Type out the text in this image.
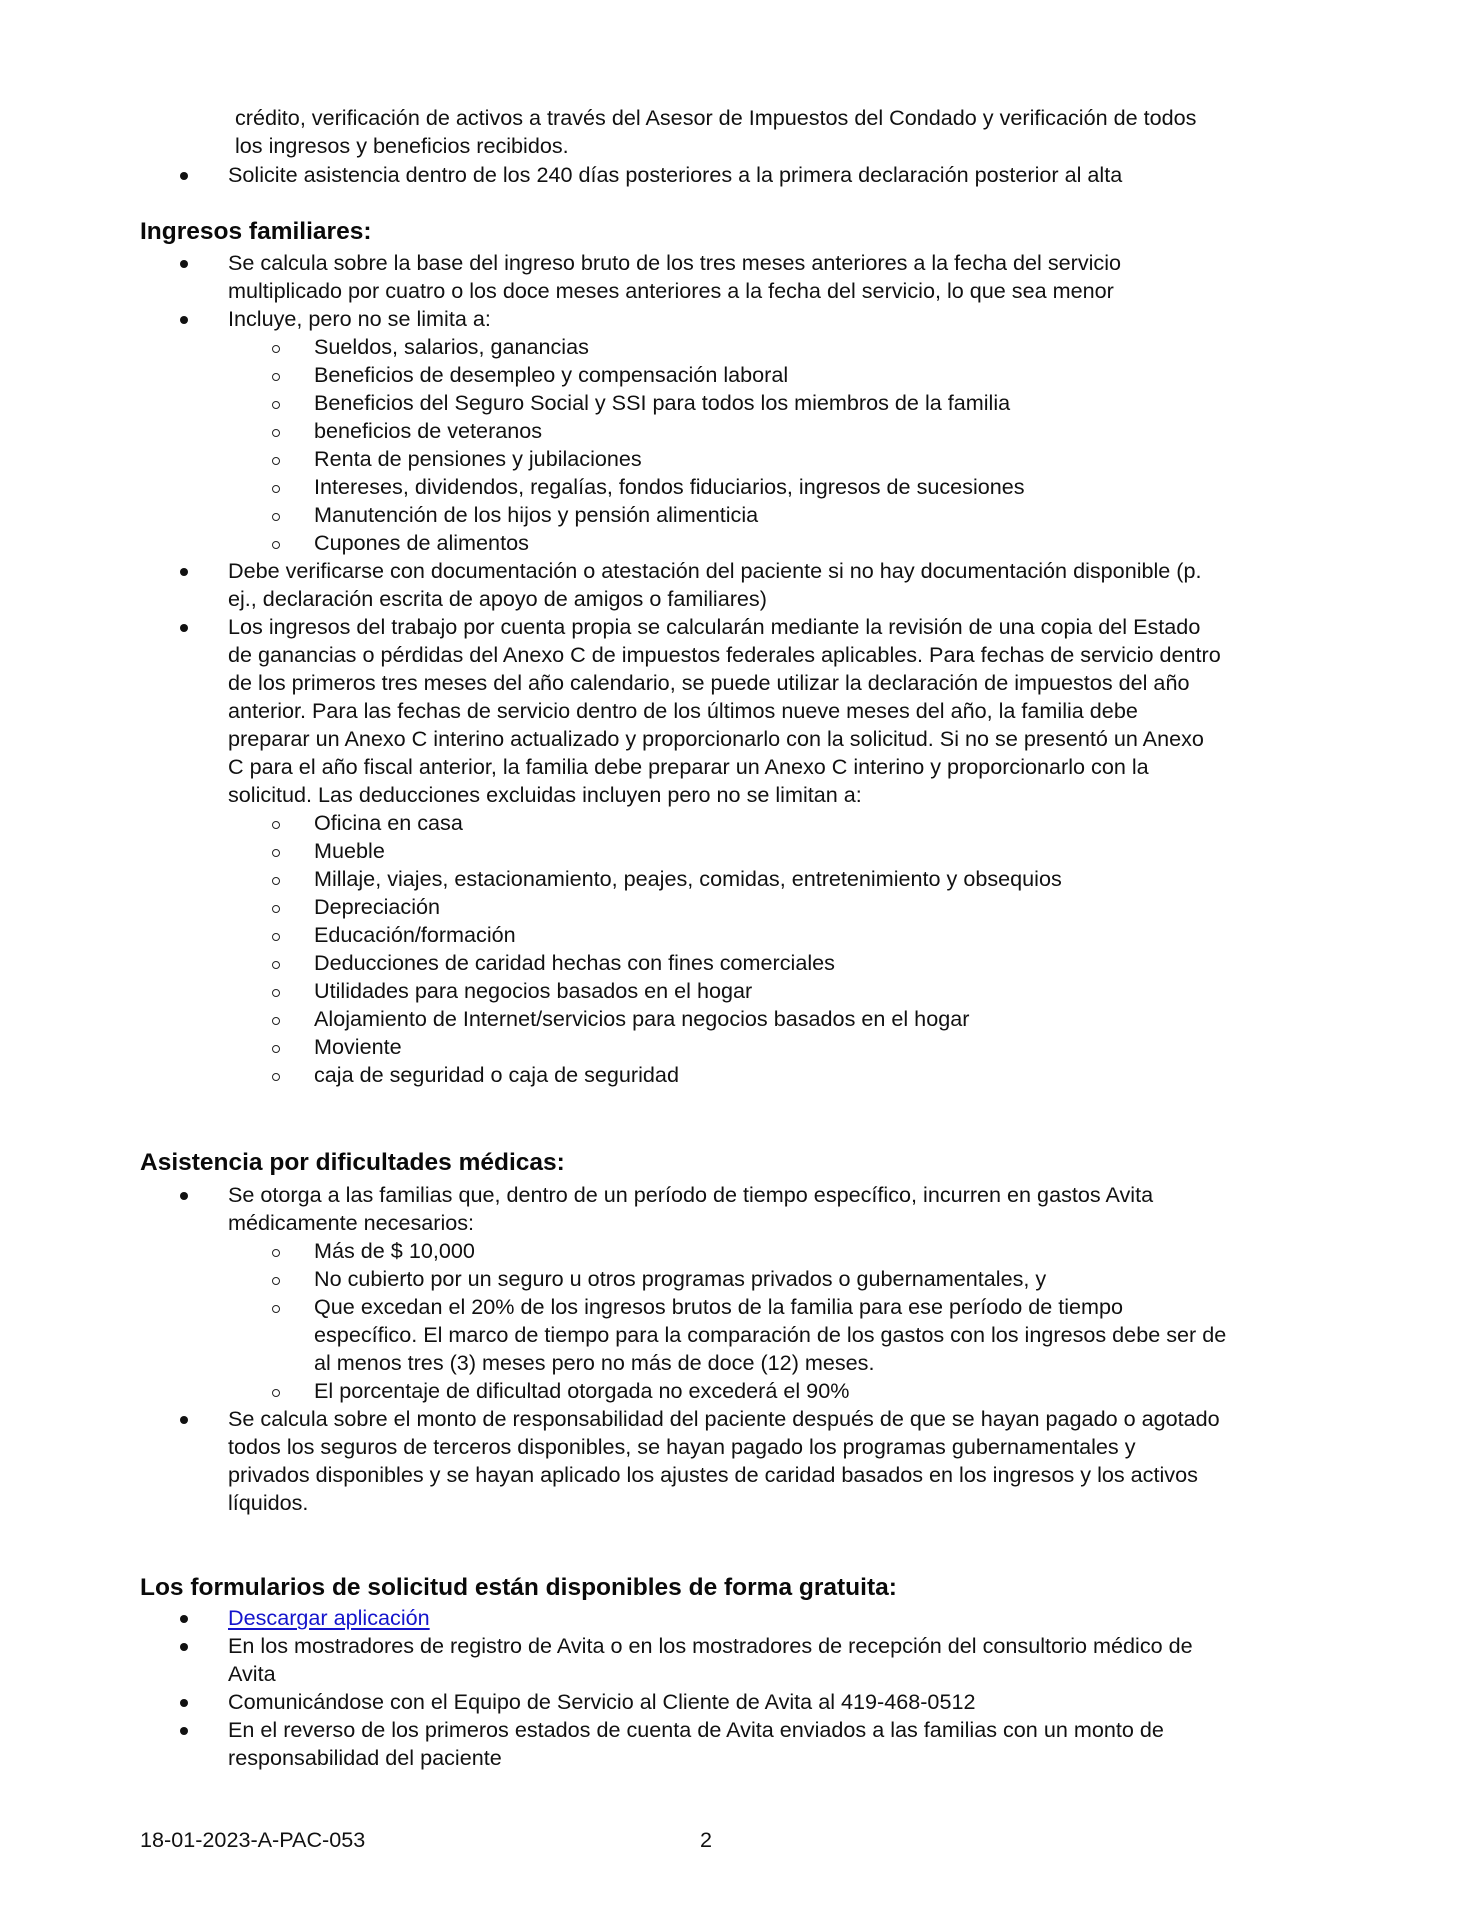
crédito, verificación de activos a través del Asesor de Impuestos del Condado y verificación de todos
los ingresos y beneficios recibidos.
Solicite asistencia dentro de los 240 días posteriores a la primera declaración posterior al alta
Ingresos familiares:
Se calcula sobre la base del ingreso bruto de los tres meses anteriores a la fecha del servicio
multiplicado por cuatro o los doce meses anteriores a la fecha del servicio, lo que sea menor
Incluye, pero no se limita a:
Sueldos, salarios, ganancias
Beneficios de desempleo y compensación laboral
Beneficios del Seguro Social y SSI para todos los miembros de la familia
beneficios de veteranos
Renta de pensiones y jubilaciones
Intereses, dividendos, regalías, fondos fiduciarios, ingresos de sucesiones
Manutención de los hijos y pensión alimenticia
Cupones de alimentos
Debe verificarse con documentación o atestación del paciente si no hay documentación disponible (p.
ej., declaración escrita de apoyo de amigos o familiares)
Los ingresos del trabajo por cuenta propia se calcularán mediante la revisión de una copia del Estado
de ganancias o pérdidas del Anexo C de impuestos federales aplicables. Para fechas de servicio dentro
de los primeros tres meses del año calendario, se puede utilizar la declaración de impuestos del año
anterior. Para las fechas de servicio dentro de los últimos nueve meses del año, la familia debe
preparar un Anexo C interino actualizado y proporcionarlo con la solicitud. Si no se presentó un Anexo
C para el año fiscal anterior, la familia debe preparar un Anexo C interino y proporcionarlo con la
solicitud. Las deducciones excluidas incluyen pero no se limitan a:
Oficina en casa
Mueble
Millaje, viajes, estacionamiento, peajes, comidas, entretenimiento y obsequios
Depreciación
Educación/formación
Deducciones de caridad hechas con fines comerciales
Utilidades para negocios basados en el hogar
Alojamiento de Internet/servicios para negocios basados en el hogar
Moviente
caja de seguridad o caja de seguridad
Asistencia por dificultades médicas:
Se otorga a las familias que, dentro de un período de tiempo específico, incurren en gastos Avita
médicamente necesarios:
Más de $ 10,000
No cubierto por un seguro u otros programas privados o gubernamentales, y
Que excedan el 20% de los ingresos brutos de la familia para ese período de tiempo
específico. El marco de tiempo para la comparación de los gastos con los ingresos debe ser de
al menos tres (3) meses pero no más de doce (12) meses.
El porcentaje de dificultad otorgada no excederá el 90%
Se calcula sobre el monto de responsabilidad del paciente después de que se hayan pagado o agotado
todos los seguros de terceros disponibles, se hayan pagado los programas gubernamentales y
privados disponibles y se hayan aplicado los ajustes de caridad basados en los ingresos y los activos
líquidos.
Los formularios de solicitud están disponibles de forma gratuita:
Descargar aplicación
En los mostradores de registro de Avita o en los mostradores de recepción del consultorio médico de
Avita
Comunicándose con el Equipo de Servicio al Cliente de Avita al 419-468-0512
En el reverso de los primeros estados de cuenta de Avita enviados a las familias con un monto de
responsabilidad del paciente
18-01-2023-A-PAC-053	2
